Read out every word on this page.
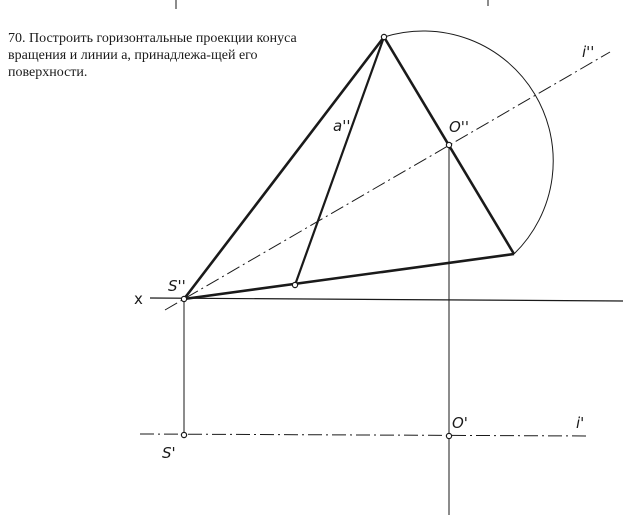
70. Построить горизонтальные проекции конуса вращения и линии а, принадлежа-щей его поверхности.

x
S''
S'
O''
O'
i''
i'
a''
